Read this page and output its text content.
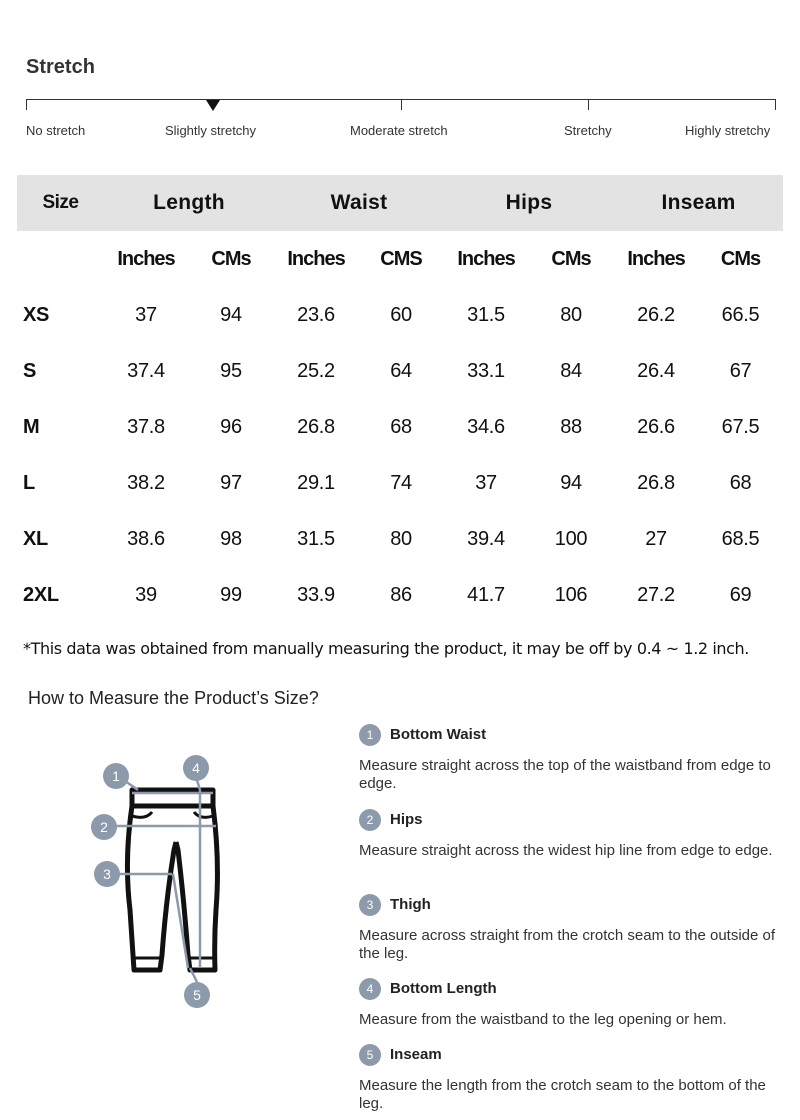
Stretch
No stretch	Slightly stretchy	Moderate stretch	Stretchy	Highly stretchy
Size	Length		Waist		Hips		Inseam	
	Inches	CMs	Inches	CMS	Inches	CMs	Inches	CMs
XS	37	94	23.6	60	31.5	80	26.2	66.5
S	37.4	95	25.2	64	33.1	84	26.4	67
M	37.8	96	26.8	68	34.6	88	26.6	67.5
L	38.2	97	29.1	74	37	94	26.8	68
XL	38.6	98	31.5	80	39.4	100	27	68.5
2XL	39	99	33.9	86	41.7	106	27.2	69
*This data was obtained from manually measuring the product, it may be off by 0.4 ~ 1.2 inch.
How to Measure the Product’s Size?
1
2
3
4
5
1	Bottom Waist
Measure straight across the top of the waistband from edge to edge.
2	Hips
Measure straight across the widest hip line from edge to edge.
3	Thigh
Measure across straight from the crotch seam to the outside of the leg.
4	Bottom Length
Measure from the waistband to the leg opening or hem.
5	Inseam
Measure the length from the crotch seam to the bottom of the leg.
